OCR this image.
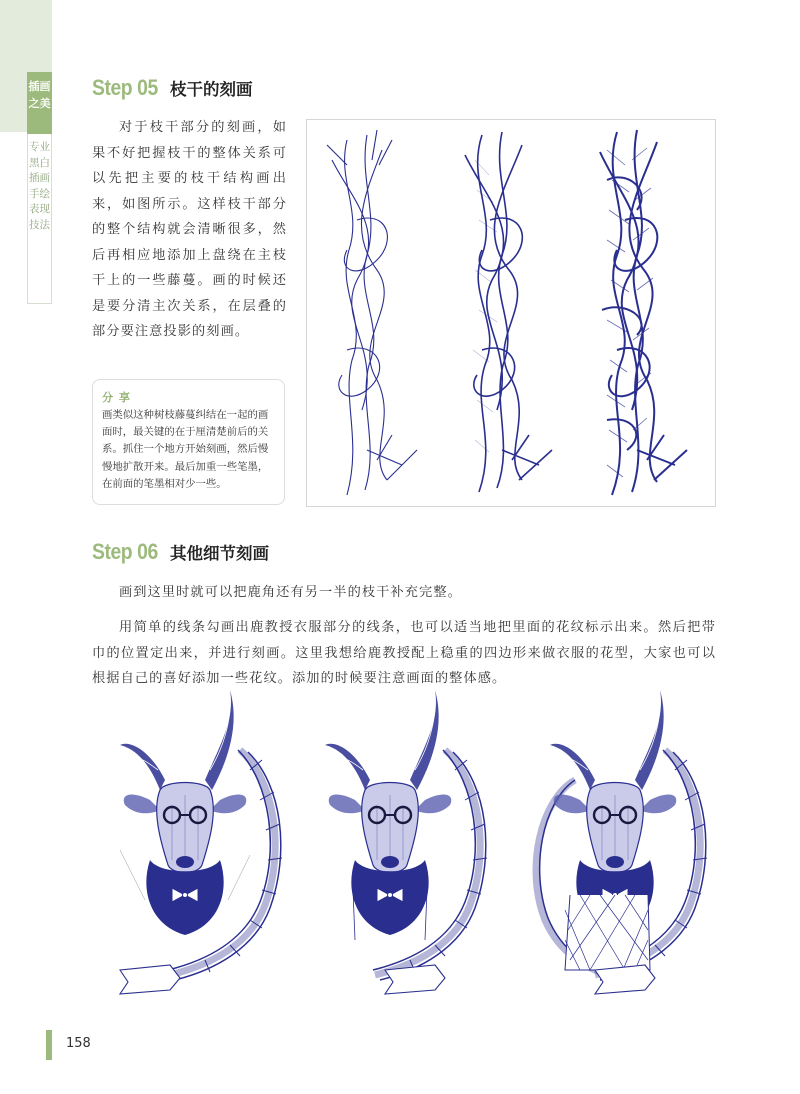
插画之美
专业黑白插画手绘表现技法
Step 05 枝干的刻画
对于枝干部分的刻画，如果不好把握枝干的整体关系可以先把主要的枝干结构画出来，如图所示。这样枝干部分的整个结构就会清晰很多，然后再相应地添加上盘绕在主枝干上的一些藤蔓。画的时候还是要分清主次关系，在层叠的部分要注意投影的刻画。
分 享
画类似这种树枝藤蔓纠结在一起的画面时，最关键的在于厘清楚前后的关系。抓住一个地方开始刻画，然后慢慢地扩散开来。最后加重一些笔墨，在前面的笔墨相对少一些。
Step 06 其他细节刻画
画到这里时就可以把鹿角还有另一半的枝干补充完整。
用简单的线条勾画出鹿教授衣服部分的线条，也可以适当地把里面的花纹标示出来。然后把带巾的位置定出来，并进行刻画。这里我想给鹿教授配上稳重的四边形来做衣服的花型，大家也可以根据自己的喜好添加一些花纹。添加的时候要注意画面的整体感。
158
